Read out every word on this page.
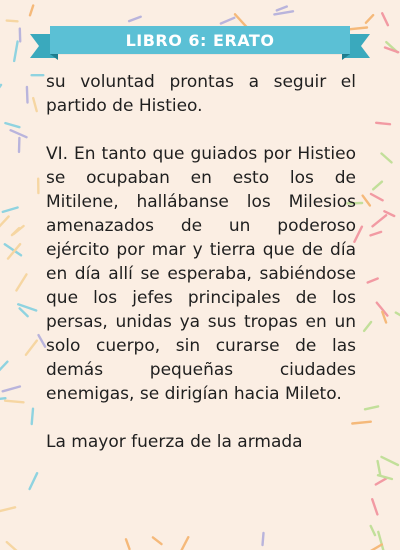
LIBRO 6: ERATO

su voluntad prontas a seguir el partido de Histieo.

VI. En tanto que guiados por Histieo se ocupaban en esto los de Mitilene, hallábanse los Milesios amenazados de un poderoso ejército por mar y tierra que de día en día allí se esperaba, sabiéndose que los jefes principales de los persas, unidas ya sus tropas en un solo cuerpo, sin curarse de las demás pequeñas ciudades enemigas, se dirigían hacia Mileto.

La mayor fuerza de la armada
